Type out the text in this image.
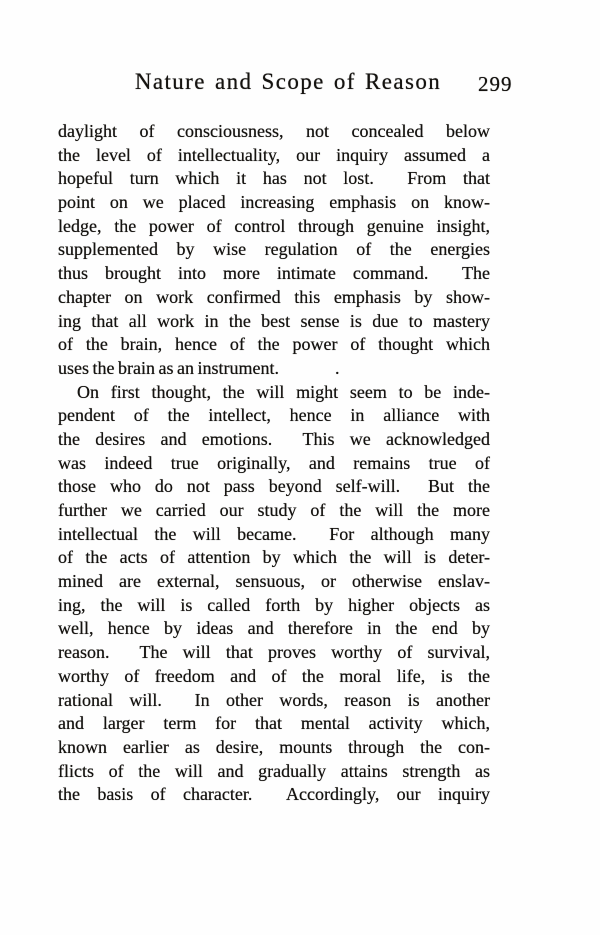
Nature and Scope of Reason 299
daylight of consciousness, not concealed below
the level of intellectuality, our inquiry assumed a
hopeful turn which it has not lost.  From that
point on we placed increasing emphasis on know-
ledge, the power of control through genuine insight,
supplemented by wise regulation of the energies
thus brought into more intimate command.  The
chapter on work confirmed this emphasis by show-
ing that all work in the best sense is due to mastery
of the brain, hence of the power of thought which
uses the brain as an instrument.                .
On first thought, the will might seem to be inde-
pendent of the intellect, hence in alliance with
the desires and emotions.  This we acknowledged
was indeed true originally, and remains true of
those who do not pass beyond self-will.  But the
further we carried our study of the will the more
intellectual the will became.  For although many
of the acts of attention by which the will is deter-
mined are external, sensuous, or otherwise enslav-
ing, the will is called forth by higher objects as
well, hence by ideas and therefore in the end by
reason.  The will that proves worthy of survival,
worthy of freedom and of the moral life, is the
rational will.  In other words, reason is another
and larger term for that mental activity which,
known earlier as desire, mounts through the con-
flicts of the will and gradually attains strength as
the basis of character.  Accordingly, our inquiry
